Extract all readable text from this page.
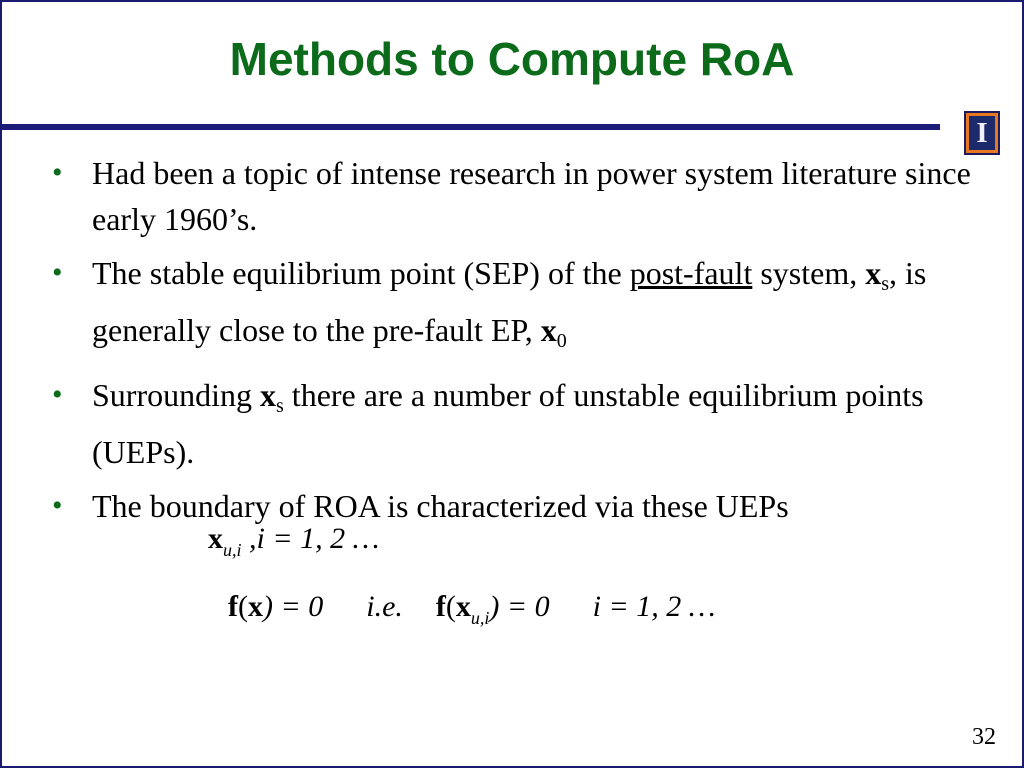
Methods to Compute RoA
I
• Had been a topic of intense research in power system literature since early 1960’s.
• The stable equilibrium point (SEP) of the post-fault system, $x_s$, is generally close to the pre-fault EP, $x_0$
• Surrounding $x_s$ there are a number of unstable equilibrium points (UEPs).
• The boundary of ROA is characterized via these UEPs
$x_{u,i}$ ,i = 1, 2 …
f(x) = 0 i.e. $f(x_{u,i}) = 0$ i = 1, 2 …
32
